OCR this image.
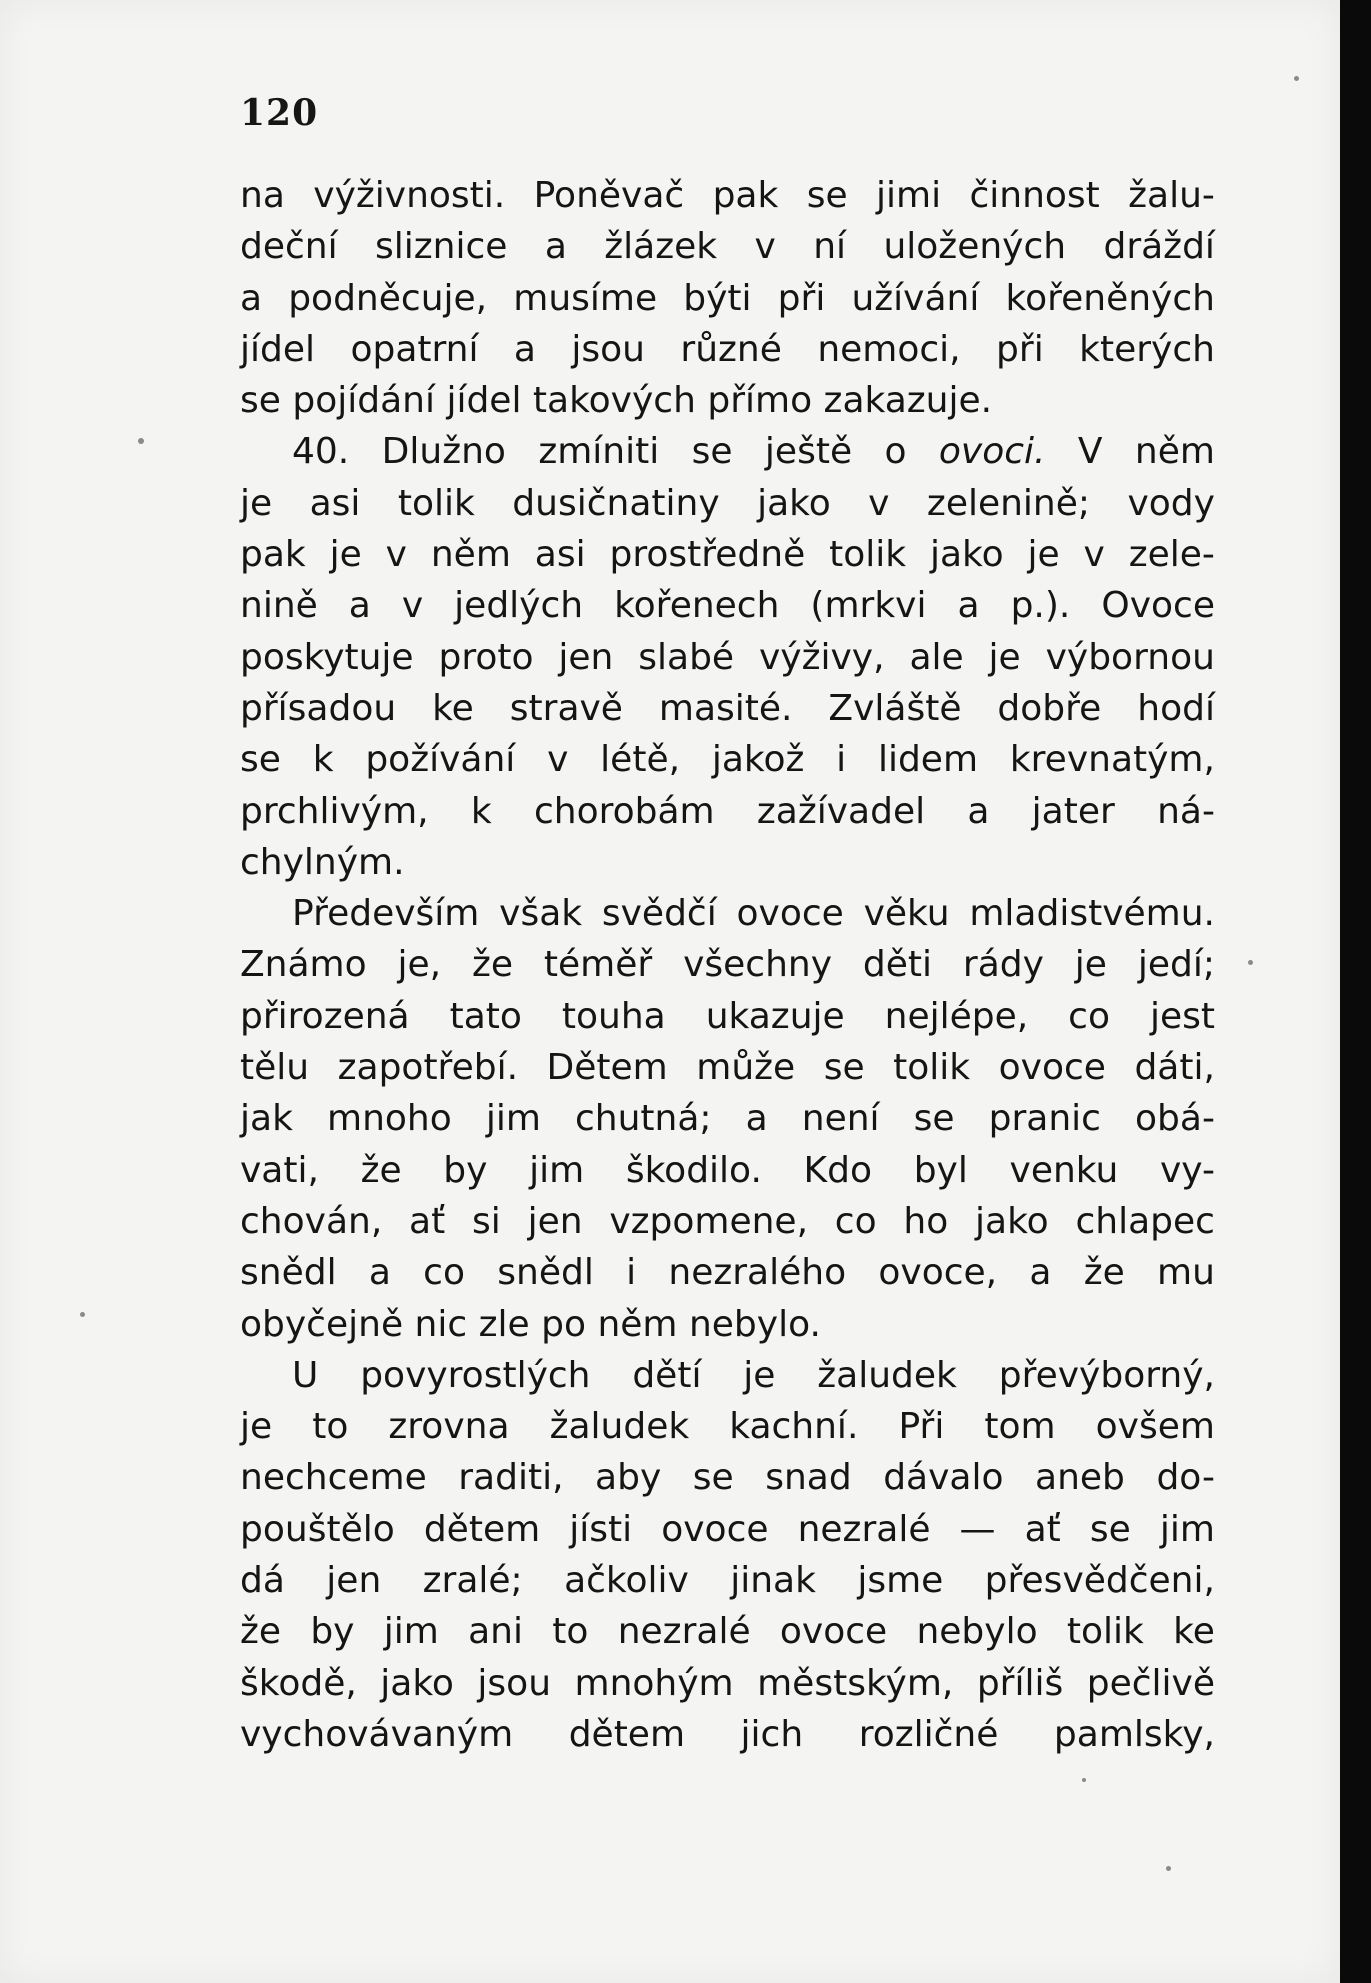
120
na výživnosti. Poněvač pak se jimi činnost žalu-
deční sliznice a žlázek v ní uložených dráždí
a podněcuje, musíme býti při užívání kořeněných
jídel opatrní a jsou různé nemoci, při kterých
se pojídání jídel takových přímo zakazuje.
40. Dlužno zmíniti se ještě o ovoci. V něm
je asi tolik dusičnatiny jako v zelenině; vody
pak je v něm asi prostředně tolik jako je v zele-
nině a v jedlých kořenech (mrkvi a p.). Ovoce
poskytuje proto jen slabé výživy, ale je výbornou
přísadou ke stravě masité. Zvláště dobře hodí
se k požívání v létě, jakož i lidem krevnatým,
prchlivým, k chorobám zažívadel a jater ná-
chylným.
Především však svědčí ovoce věku mladistvému.
Známo je, že téměř všechny děti rády je jedí;
přirozená tato touha ukazuje nejlépe, co jest
tělu zapotřebí. Dětem může se tolik ovoce dáti,
jak mnoho jim chutná; a není se pranic obá-
vati, že by jim škodilo. Kdo byl venku vy-
chován, ať si jen vzpomene, co ho jako chlapec
snědl a co snědl i nezralého ovoce, a že mu
obyčejně nic zle po něm nebylo.
U povyrostlých dětí je žaludek převýborný,
je to zrovna žaludek kachní. Při tom ovšem
nechceme raditi, aby se snad dávalo aneb do-
pouštělo dětem jísti ovoce nezralé — ať se jim
dá jen zralé; ačkoliv jinak jsme přesvědčeni,
že by jim ani to nezralé ovoce nebylo tolik ke
škodě, jako jsou mnohým městským, příliš pečlivě
vychovávaným dětem jich rozličné pamlsky,
